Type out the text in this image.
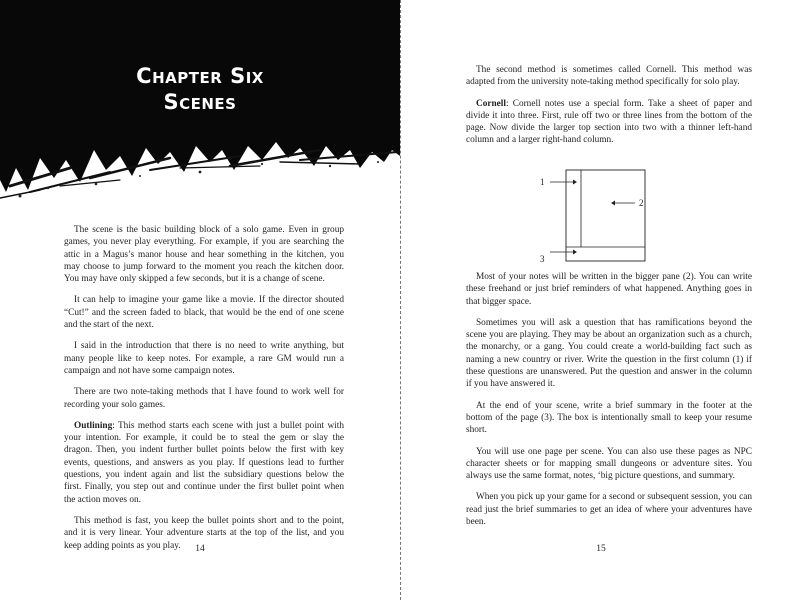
Chapter Six
Scenes

The scene is the basic building block of a solo game. Even in group games, you never play everything. For example, if you are searching the attic in a Magus’s manor house and hear something in the kitchen, you may choose to jump forward to the moment you reach the kitchen door. You may have only skipped a few seconds, but it is a change of scene.

It can help to imagine your game like a movie. If the director shouted “Cut!” and the screen faded to black, that would be the end of one scene and the start of the next.

I said in the introduction that there is no need to write anything, but many people like to keep notes. For example, a rare GM would run a campaign and not have some campaign notes.

There are two note-taking methods that I have found to work well for recording your solo games.

Outlining: This method starts each scene with just a bullet point with your intention. For example, it could be to steal the gem or slay the dragon. Then, you indent further bullet points below the first with key events, questions, and answers as you play. If questions lead to further questions, you indent again and list the subsidiary questions below the first. Finally, you step out and continue under the first bullet point when the action moves on.

This method is fast, you keep the bullet points short and to the point, and it is very linear. Your adventure starts at the top of the list, and you keep adding points as you play.	14

The second method is sometimes called Cornell. This method was adapted from the university note-taking method specifically for solo play.

Cornell: Cornell notes use a special form. Take a sheet of paper and divide it into three. First, rule off two or three lines from the bottom of the page. Now divide the larger top section into two with a thinner left-hand column and a larger right-hand column.

1
2
3

Most of your notes will be written in the bigger pane (2). You can write these freehand or just brief reminders of what happened. Anything goes in that bigger space.

Sometimes you will ask a question that has ramifications beyond the scene you are playing. They may be about an organization such as a church, the monarchy, or a gang. You could create a world-building fact such as naming a new country or river. Write the question in the first column (1) if these questions are unanswered. Put the question and answer in the column if you have answered it.

At the end of your scene, write a brief summary in the footer at the bottom of the page (3). The box is intentionally small to keep your resume short.

You will use one page per scene. You can also use these pages as NPC character sheets or for mapping small dungeons or adventure sites. You always use the same format, notes, ‘big picture questions, and summary.

When you pick up your game for a second or subsequent session, you can read just the brief summaries to get an idea of where your adventures have been.

15
